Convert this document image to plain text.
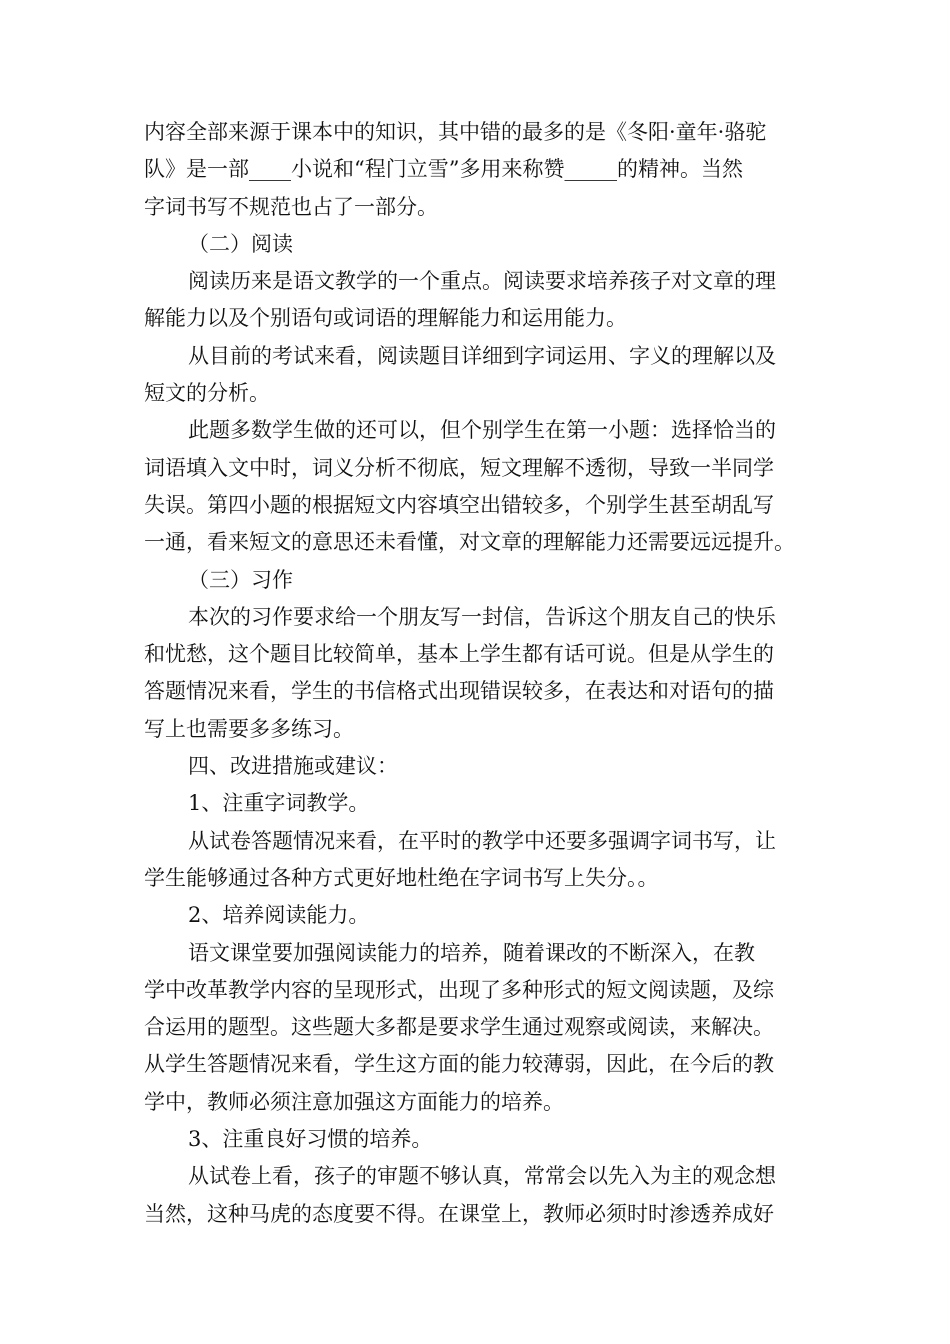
内容全部来源于课本中的知识，其中错的最多的是《冬阳·童年·骆驼
队》是一部____小说和“程门立雪”多用来称赞_____的精神。当然
字词书写不规范也占了一部分。
（二）阅读
阅读历来是语文教学的一个重点。阅读要求培养孩子对文章的理
解能力以及个别语句或词语的理解能力和运用能力。
从目前的考试来看，阅读题目详细到字词运用、字义的理解以及
短文的分析。
此题多数学生做的还可以，但个别学生在第一小题：选择恰当的
词语填入文中时，词义分析不彻底，短文理解不透彻，导致一半同学
失误。第四小题的根据短文内容填空出错较多，个别学生甚至胡乱写
一通，看来短文的意思还未看懂，对文章的理解能力还需要远远提升。
（三）习作
本次的习作要求给一个朋友写一封信，告诉这个朋友自己的快乐
和忧愁，这个题目比较简单，基本上学生都有话可说。但是从学生的
答题情况来看，学生的书信格式出现错误较多，在表达和对语句的描
写上也需要多多练习。
四、改进措施或建议：
1、注重字词教学。
从试卷答题情况来看，在平时的教学中还要多强调字词书写，让
学生能够通过各种方式更好地杜绝在字词书写上失分。。
2、培养阅读能力。
语文课堂要加强阅读能力的培养，随着课改的不断深入，在教
学中改革教学内容的呈现形式，出现了多种形式的短文阅读题，及综
合运用的题型。这些题大多都是要求学生通过观察或阅读，来解决。
从学生答题情况来看，学生这方面的能力较薄弱，因此，在今后的教
学中，教师必须注意加强这方面能力的培养。
3、注重良好习惯的培养。
从试卷上看，孩子的审题不够认真，常常会以先入为主的观念想
当然，这种马虎的态度要不得。在课堂上，教师必须时时渗透养成好
